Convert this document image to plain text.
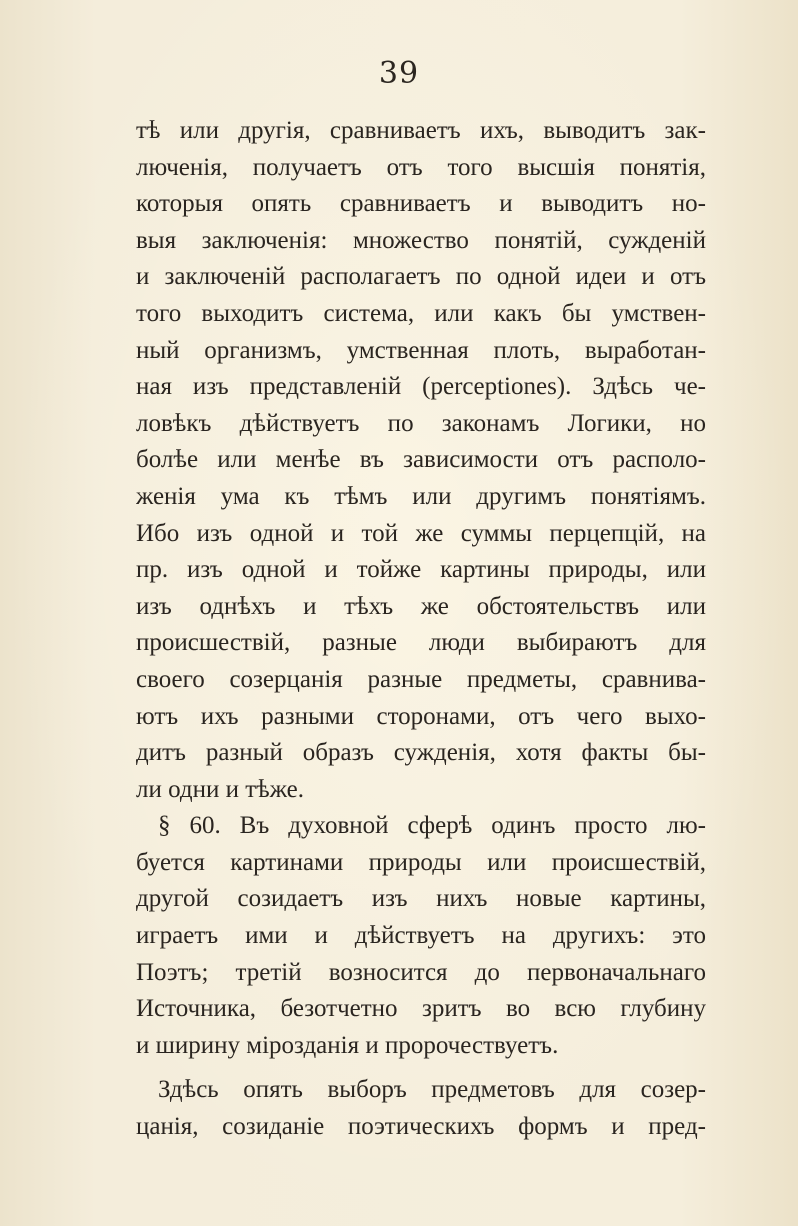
39
тѣ или другія, сравниваетъ ихъ, выводитъ зак-
люченія, получаетъ отъ того высшія понятія,
которыя опять сравниваетъ и выводитъ но-
выя заключенія: множество понятій, сужденій
и заключеній располагаетъ по одной идеи и отъ
того выходитъ система, или какъ бы умствен-
ный организмъ, умственная плоть, выработан-
ная изъ представленій (perceptiones). Здѣсь че-
ловѣкъ дѣйствуетъ по законамъ Логики, но
болѣе или менѣе въ зависимости отъ располо-
женія ума къ тѣмъ или другимъ понятіямъ.
Ибо изъ одной и той же суммы перцепцій, на
пр. изъ одной и тойже картины природы, или
изъ однѣхъ и тѣхъ же обстоятельствъ или
происшествій, разные люди выбираютъ для
своего созерцанія разные предметы, сравнива-
ютъ ихъ разными сторонами, отъ чего выхо-
дитъ разный образъ сужденія, хотя факты бы-
ли одни и тѣже.
§ 60. Въ духовной сферѣ одинъ просто лю-
буется картинами природы или происшествій,
другой созидаетъ изъ нихъ новые картины,
играетъ ими и дѣйствуетъ на другихъ: это
Поэтъ; третій возносится до первоначальнаго
Источника, безотчетно зритъ во всю глубину
и ширину мірозданія и пророчествуетъ.
Здѣсь опять выборъ предметовъ для созер-
цанія, созиданіе поэтическихъ формъ и пред-
